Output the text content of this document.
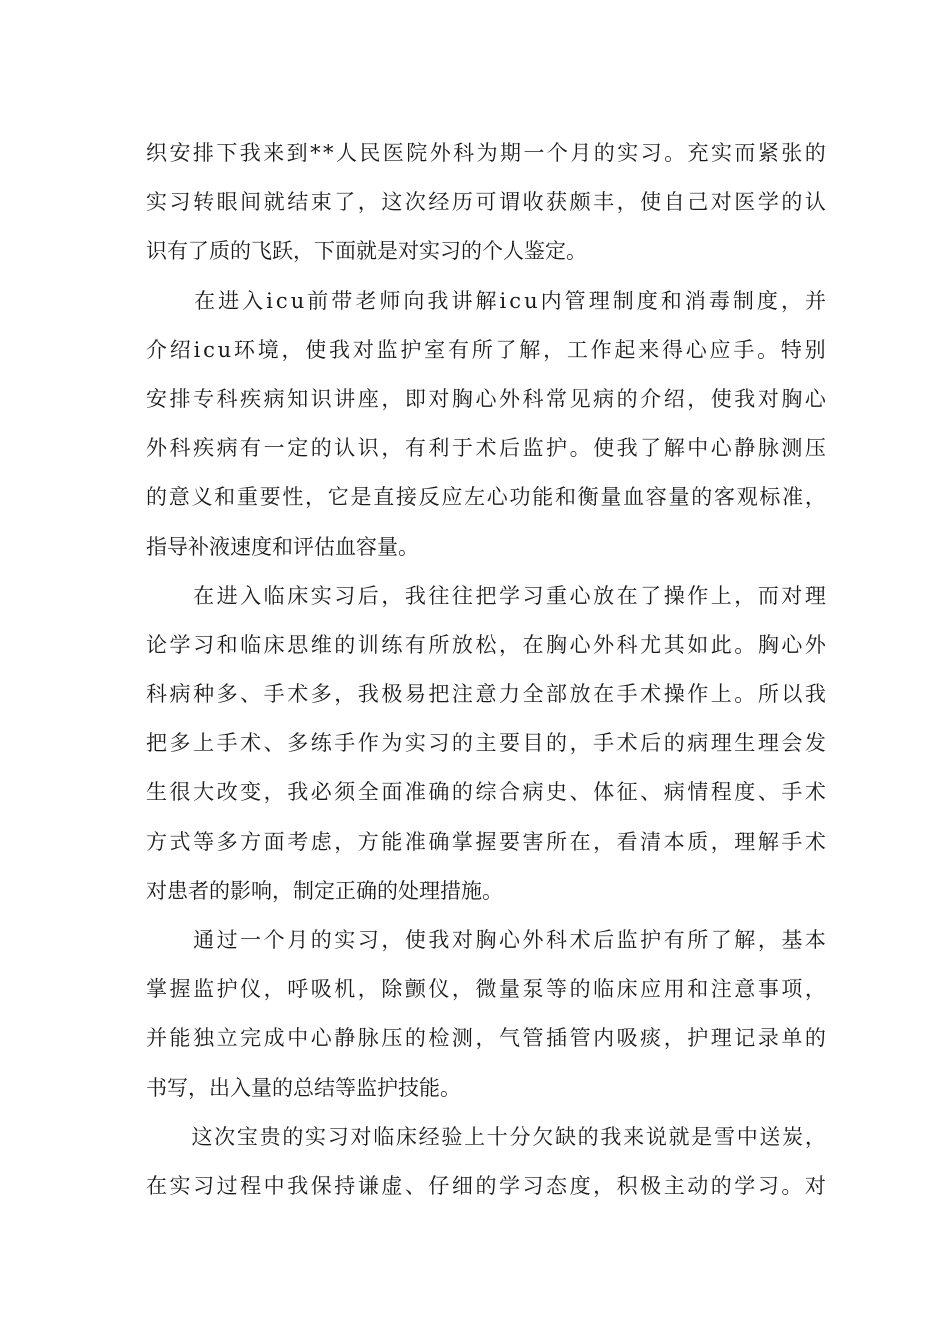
织 安 排 下 我 来 到 * * 人 民 医 院 外 科 为 期 一 个 月 的 实 习 。 充 实 而 紧 张 的

实 习 转 眼 间 就 结 束 了 ， 这 次 经 历 可 谓 收 获 颇 丰 ， 使 自 己 对 医 学 的 认

识有了质的飞跃，下面就是对实习的个人鉴定。

在 进 入 i c u 前 带 老 师 向 我 讲 解 i c u 内 管 理 制 度 和 消 毒 制 度 ， 并

介 绍 i c u 环 境 ， 使 我 对 监 护 室 有 所 了 解 ， 工 作 起 来 得 心 应 手 。 特 别

安 排 专 科 疾 病 知 识 讲 座 ， 即 对 胸 心 外 科 常 见 病 的 介 绍 ， 使 我 对 胸 心

外 科 疾 病 有 一 定 的 认 识 ， 有 利 于 术 后 监 护 。 使 我 了 解 中 心 静 脉 测 压

的 意 义 和 重 要 性 ， 它 是 直 接 反 应 左 心 功 能 和 衡 量 血 容 量 的 客 观 标 准 ，

指导补液速度和评估血容量。

在 进 入 临 床 实 习 后 ， 我 往 往 把 学 习 重 心 放 在 了 操 作 上 ， 而 对 理

论 学 习 和 临 床 思 维 的 训 练 有 所 放 松 ， 在 胸 心 外 科 尤 其 如 此 。 胸 心 外

科 病 种 多 、 手 术 多 ， 我 极 易 把 注 意 力 全 部 放 在 手 术 操 作 上 。 所 以 我

把 多 上 手 术 、 多 练 手 作 为 实 习 的 主 要 目 的 ， 手 术 后 的 病 理 生 理 会 发

生 很 大 改 变 ， 我 必 须 全 面 准 确 的 综 合 病 史 、 体 征 、 病 情 程 度 、 手 术

方 式 等 多 方 面 考 虑 ， 方 能 准 确 掌 握 要 害 所 在 ， 看 清 本 质 ， 理 解 手 术

对患者的影响，制定正确的处理措施。

通 过 一 个 月 的 实 习 ， 使 我 对 胸 心 外 科 术 后 监 护 有 所 了 解 ， 基 本

掌 握 监 护 仪 ， 呼 吸 机 ， 除 颤 仪 ， 微 量 泵 等 的 临 床 应 用 和 注 意 事 项 ，

并 能 独 立 完 成 中 心 静 脉 压 的 检 测 ， 气 管 插 管 内 吸 痰 ， 护 理 记 录 单 的

书写，出入量的总结等监护技能。

这 次 宝 贵 的 实 习 对 临 床 经 验 上 十 分 欠 缺 的 我 来 说 就 是 雪 中 送 炭 ，

在 实 习 过 程 中 我 保 持 谦 虚 、 仔 细 的 学 习 态 度 ， 积 极 主 动 的 学 习 。 对
